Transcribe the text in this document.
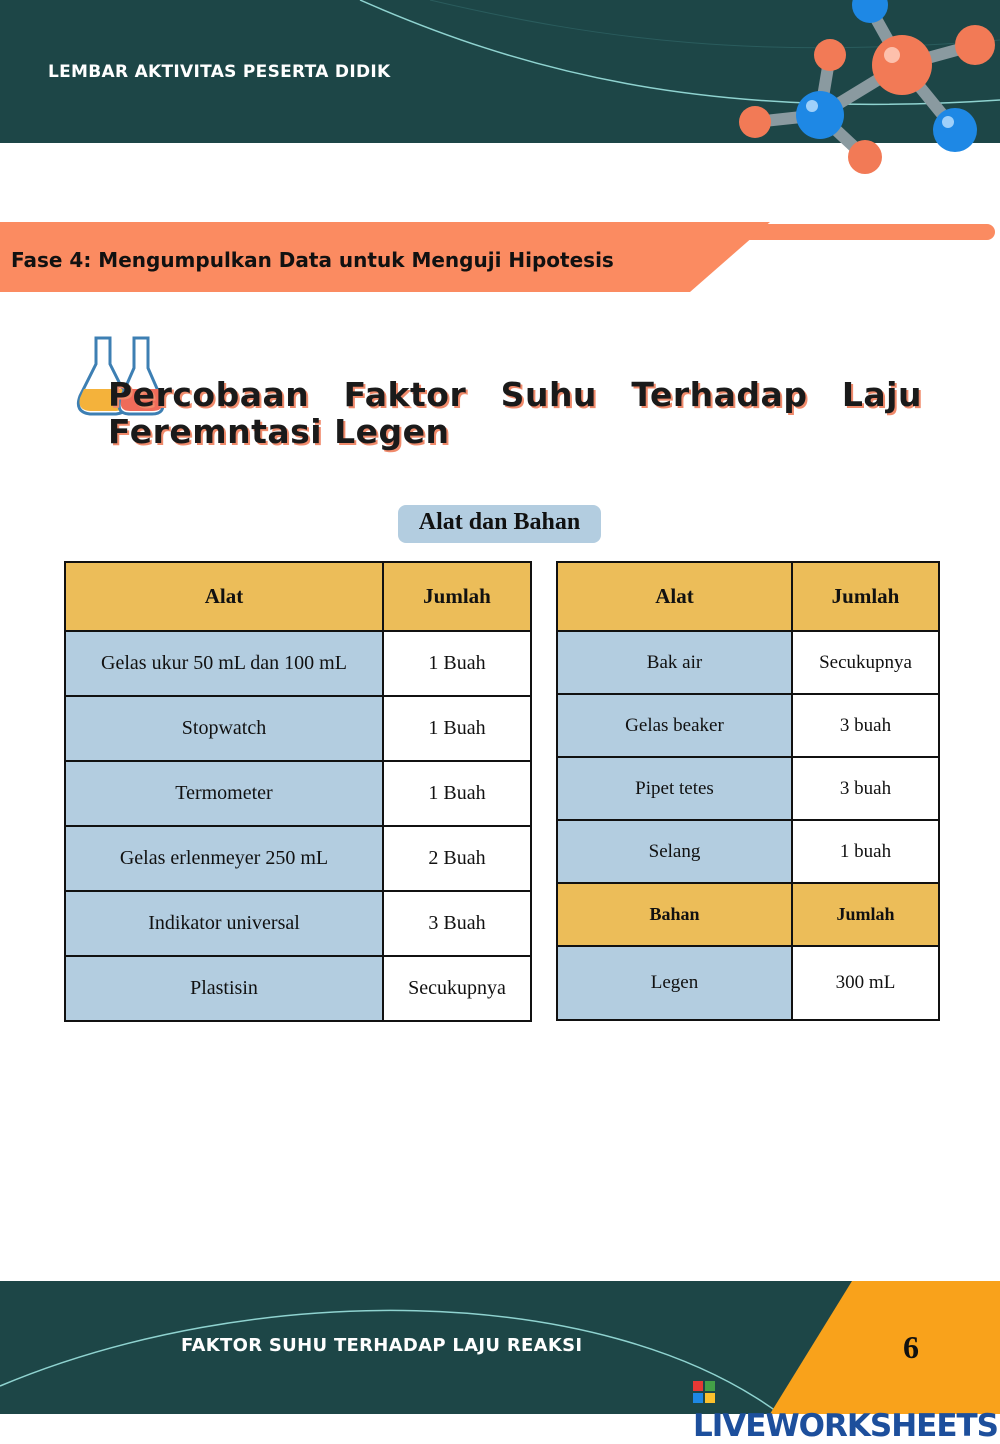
LEMBAR AKTIVITAS PESERTA DIDIK
Fase 4: Mengumpulkan Data untuk Menguji Hipotesis
Percobaan Faktor Suhu Terhadap Laju Feremntasi Legen
Alat dan Bahan
Alat	Jumlah
Gelas ukur 50 mL dan 100 mL	1 Buah
Stopwatch	1 Buah
Termometer	1 Buah
Gelas erlenmeyer 250 mL	2 Buah
Indikator universal	3 Buah
Plastisin	Secukupnya
Alat	Jumlah
Bak air	Secukupnya
Gelas beaker	3 buah
Pipet tetes	3 buah
Selang	1 buah
Bahan	Jumlah
Legen	300 mL
FAKTOR SUHU TERHADAP LAJU REAKSI	6
LIVEWORKSHEETS
